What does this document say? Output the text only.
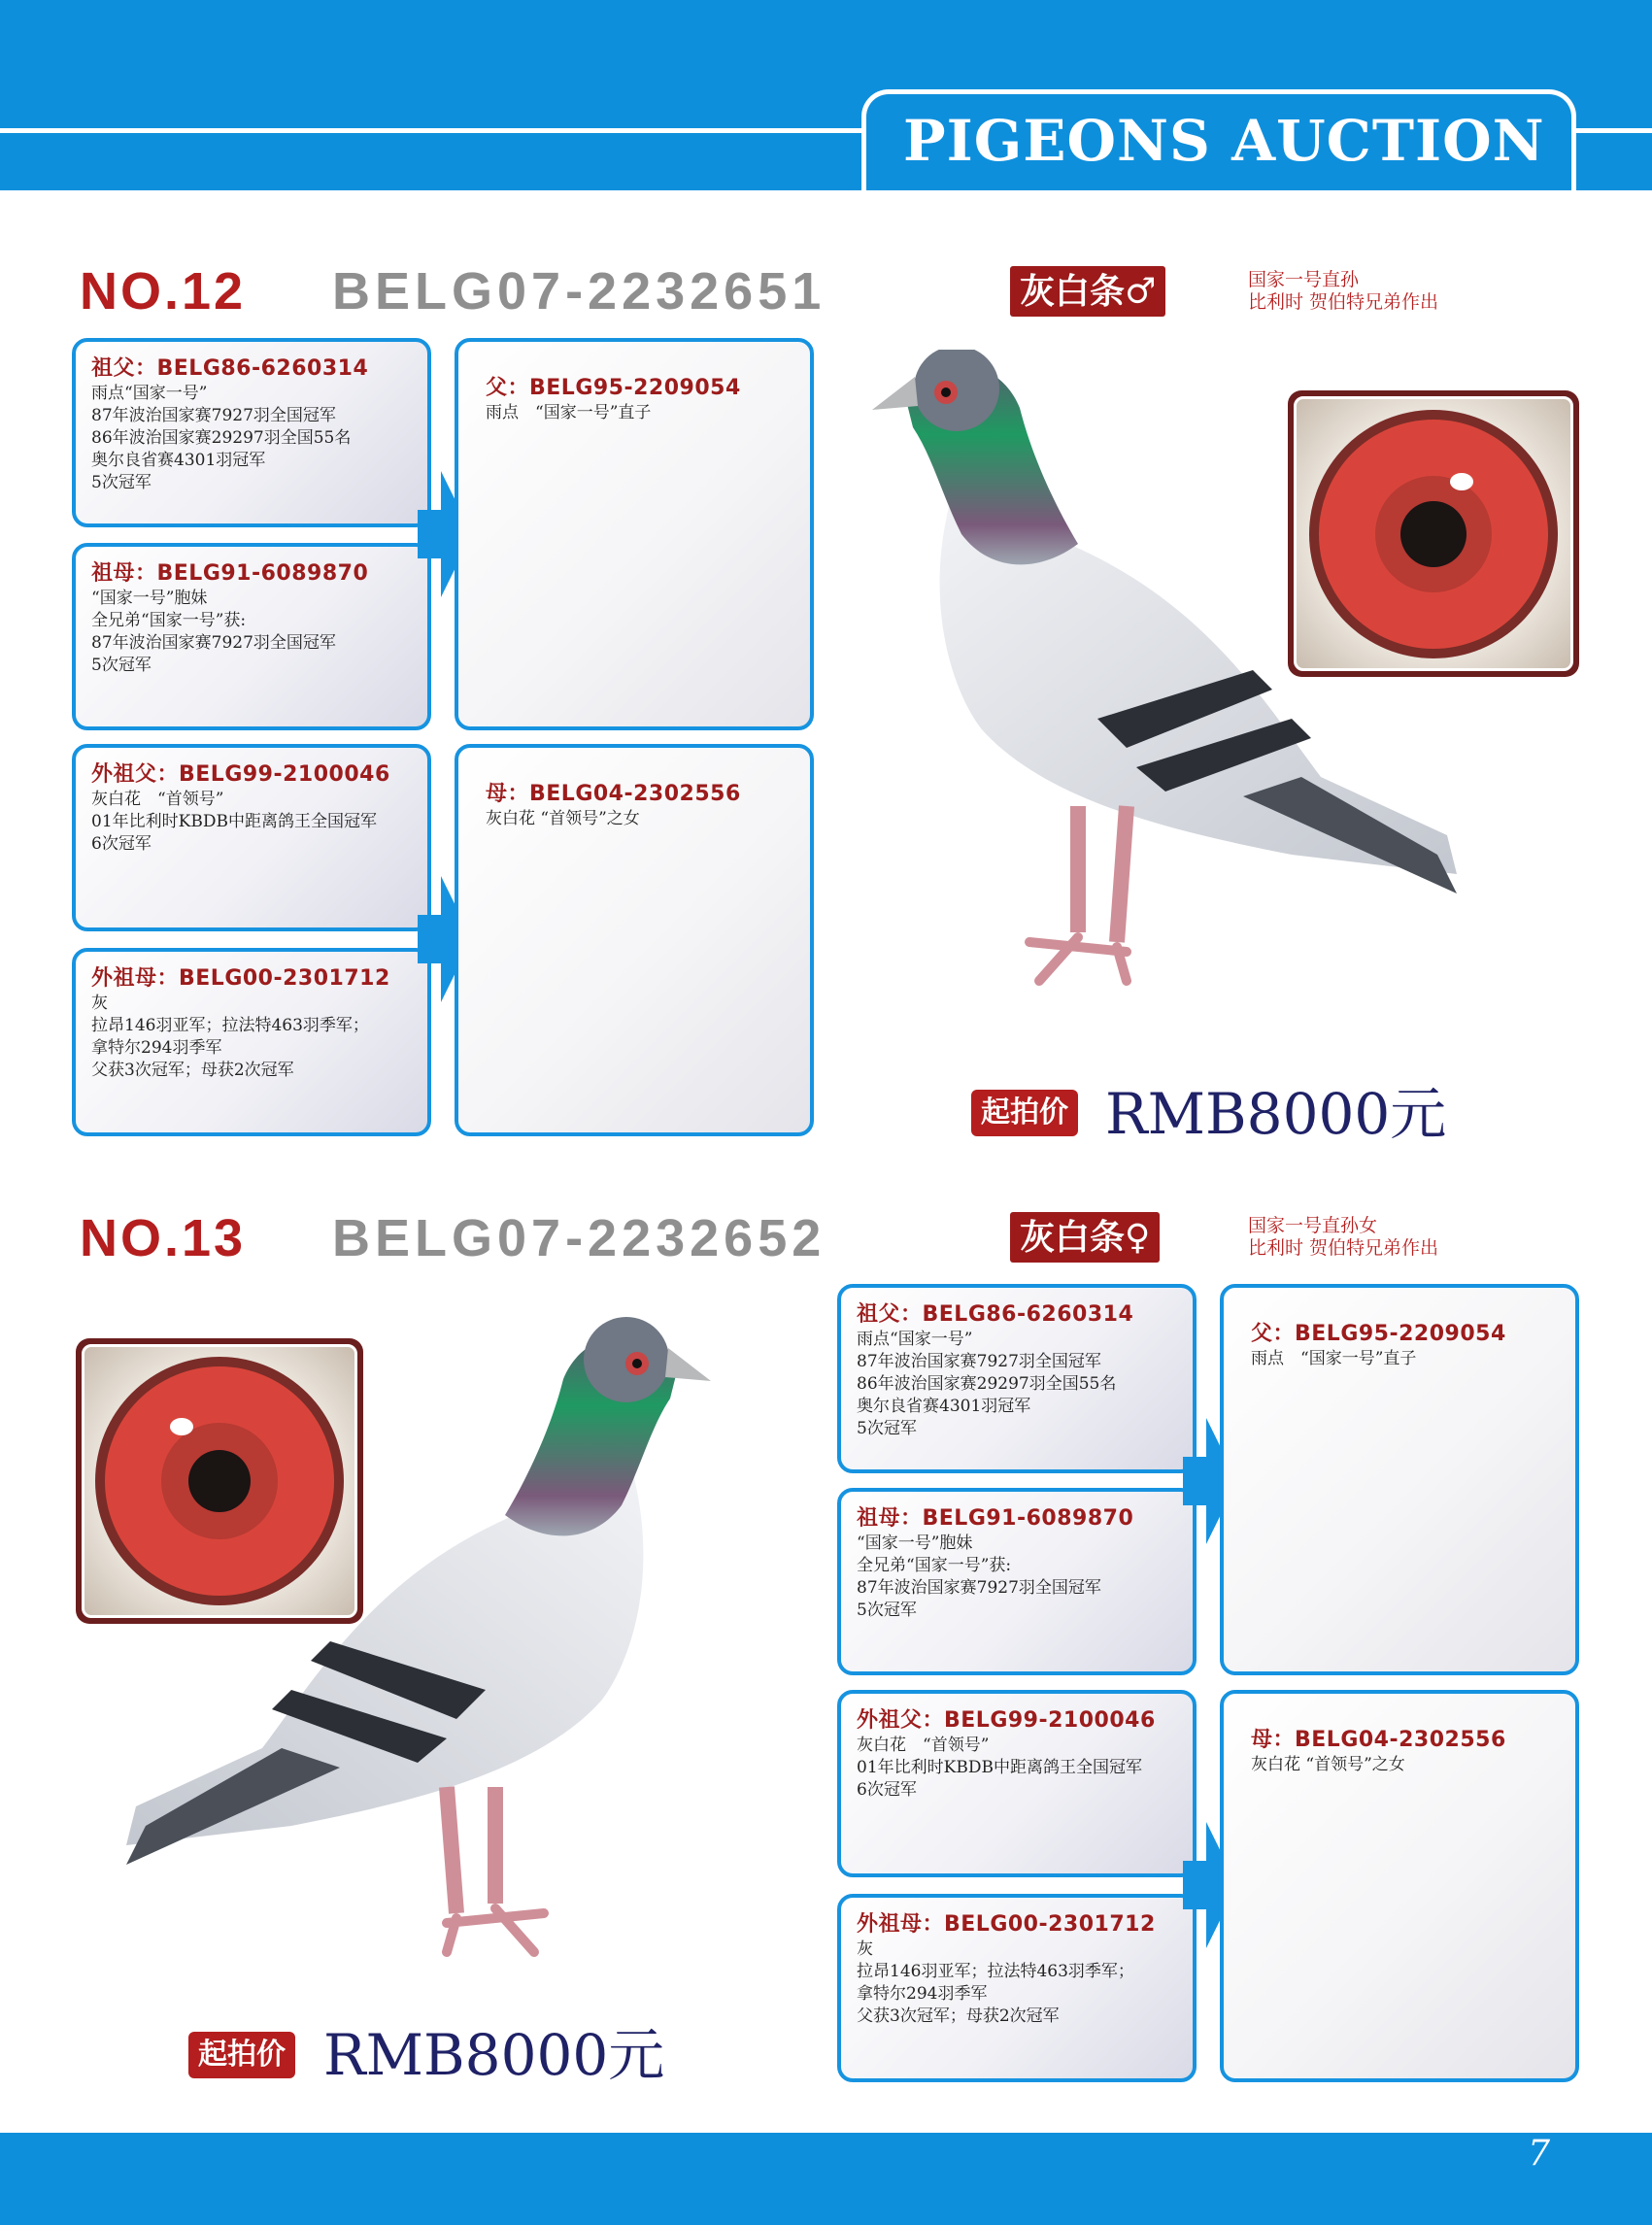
PIGEONS AUCTION
NO.12 BELG07-2232651	灰白条♂	国家一号直孙
比利时 贺伯特兄弟作出
祖父：BELG86-6260314
雨点“国家一号”
87年波治国家赛7927羽全国冠军
86年波治国家赛29297羽全国55名
奥尔良省赛4301羽冠军
5次冠军
祖母：BELG91-6089870
“国家一号”胞妹
全兄弟“国家一号”获:
87年波治国家赛7927羽全国冠军
5次冠军
外祖父：BELG99-2100046
灰白花　“首领号”
01年比利时KBDB中距离鸽王全国冠军
6次冠军
外祖母：BELG00-2301712
灰
拉昂146羽亚军；拉法特463羽季军；
拿特尔294羽季军
父获3次冠军；母获2次冠军
父：BELG95-2209054
雨点　“国家一号”直子
母：BELG04-2302556
灰白花 “首领号”之女
起拍价 RMB8000元
NO.13 BELG07-2232652	灰白条♀	国家一号直孙女
比利时 贺伯特兄弟作出
祖父：BELG86-6260314
雨点“国家一号”
87年波治国家赛7927羽全国冠军
86年波治国家赛29297羽全国55名
奥尔良省赛4301羽冠军
5次冠军
祖母：BELG91-6089870
“国家一号”胞妹
全兄弟“国家一号”获:
87年波治国家赛7927羽全国冠军
5次冠军
外祖父：BELG99-2100046
灰白花　“首领号”
01年比利时KBDB中距离鸽王全国冠军
6次冠军
外祖母：BELG00-2301712
灰
拉昂146羽亚军；拉法特463羽季军；
拿特尔294羽季军
父获3次冠军；母获2次冠军
父：BELG95-2209054
雨点　“国家一号”直子
母：BELG04-2302556
灰白花 “首领号”之女
起拍价 RMB8000元
7
